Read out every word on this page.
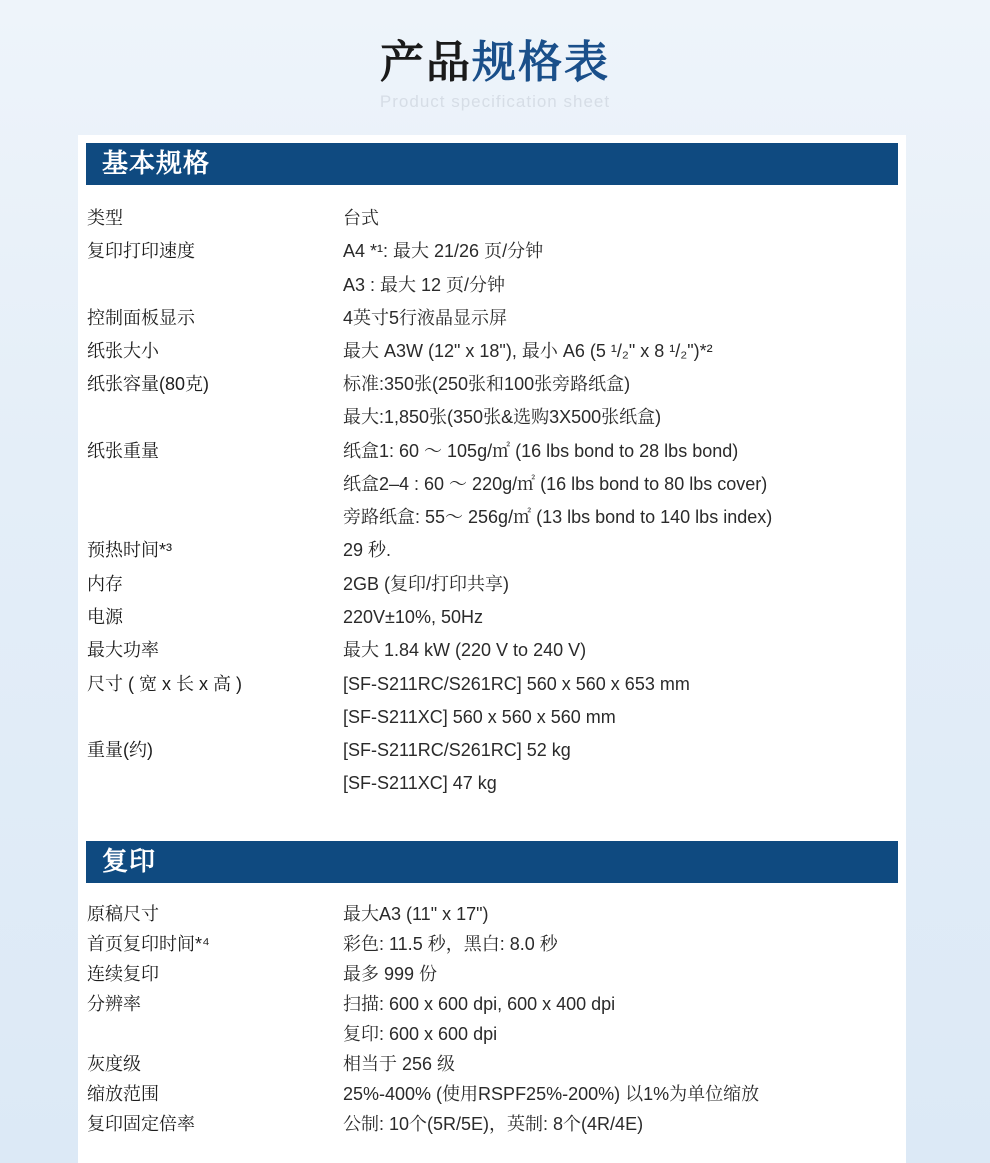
产品规格表
Product specification sheet
基本规格
类型	台式
复印打印速度	A4 *¹: 最大 21/26 页/分钟
A3 : 最大 12 页/分钟
控制面板显示	4英寸5行液晶显示屏
纸张大小	最大 A3W (12" x 18"), 最小 A6 (5 ¹/₂" x 8 ¹/₂")*²
纸张容量(80克)	标准:350张(250张和100张旁路纸盒)
最大:1,850张(350张&选购3X500张纸盒)
纸张重量	纸盒1: 60 ～ 105g/㎡ (16 lbs bond to 28 lbs bond)
纸盒2–4 : 60 ～ 220g/㎡ (16 lbs bond to 80 lbs cover)
旁路纸盒: 55～ 256g/㎡ (13 lbs bond to 140 lbs index)
预热时间*³	29 秒.
内存	2GB (复印/打印共享)
电源	220V±10%, 50Hz
最大功率	最大 1.84 kW (220 V to 240 V)
尺寸 ( 宽 x 长 x 高 )	[SF-S211RC/S261RC] 560 x 560 x 653 mm
[SF-S211XC] 560 x 560 x 560 mm
重量(约)	[SF-S211RC/S261RC] 52 kg
[SF-S211XC] 47 kg
复印
原稿尺寸	最大A3 (11" x 17")
首页复印时间*⁴	彩色: 11.5 秒，黑白: 8.0 秒
连续复印	最多 999 份
分辨率	扫描: 600 x 600 dpi, 600 x 400 dpi
复印: 600 x 600 dpi
灰度级	相当于 256 级
缩放范围	25%-400% (使用RSPF25%-200%) 以1%为单位缩放
复印固定倍率	公制: 10个(5R/5E)，英制: 8个(4R/4E)
